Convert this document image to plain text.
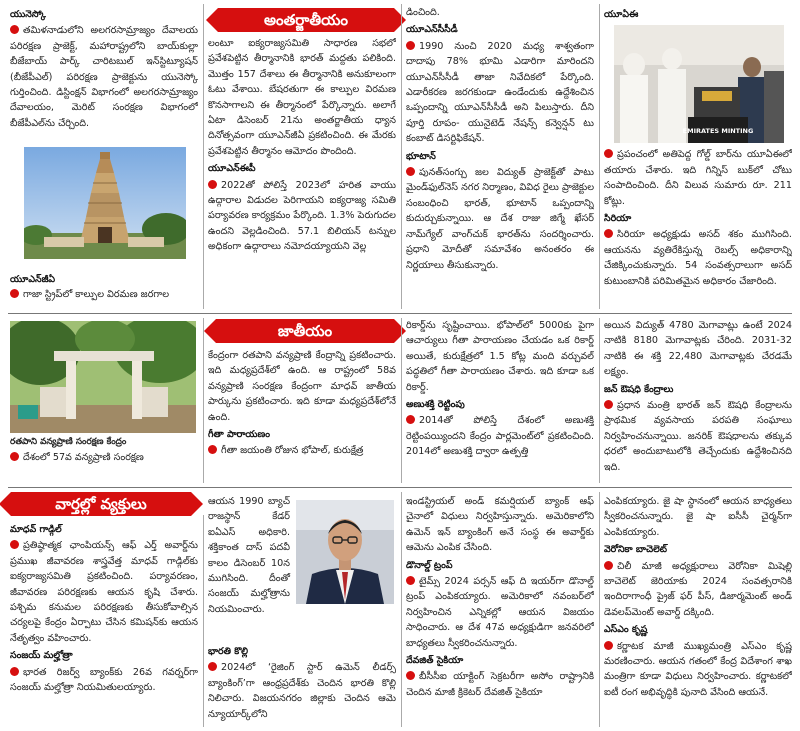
అంతర్జాతీయం
జాతీయం
వార్తల్లో వ్యక్తులు
యునెస్కో

తమిళనాడులోని అలగరసామ్రాజ్యం దేవాలయ పరిరక్షణ ప్రాజెక్ట్, మహారాష్ట్రలోని బాయ్‌కుల్లా బీజేబాయ్ పార్క్ చారిటబుల్ ఇన్‌స్టిట్యూషన్ (బీజేపీఎల్) పరిరక్షణ ప్రాజెక్టును యునెస్కో గుర్తించింది. డిస్టింక్షన్ విభాగంలో అలగరసామ్రాజ్యం దేవాలయం, మెరిట్ సంరక్షణ విభాగంలో బీజేపీఎల్‌ను చేర్చింది.

యూఎన్‌జీఏ

గాజా స్ట్రిప్‌లో కాల్పుల విరమణ జరగాల

లంటూ ఐక్యరాజ్యసమితి సాధారణ సభలో ప్రవేశపెట్టిన తీర్మానానికి భారత్ మద్దతు పలికింది. మొత్తం 157 దేశాలు ఈ తీర్మానానికి అనుకూలంగా ఓటు వేశాయి. బేషరతుగా ఈ కాల్పుల విరమణ కొనసాగాలని ఈ తీర్మానంలో పేర్కొన్నారు. అలాగే ఏటా డిసెంబర్ 21ను అంతర్జాతీయ ధ్యాన దినోత్సవంగా యూఎన్‌జీఏ ప్రకటించింది. ఈ మేరకు ప్రవేశపెట్టిన తీర్మానం ఆమోదం పొందింది.

యూఎన్‌ఈపీ

2022తో పోలిస్తే 2023లో హరిత వాయు ఉద్గారాల విడుదల పెరిగాయని ఐక్యరాజ్య సమితి పర్యావరణ కార్యక్రమం పేర్కొంది. 1.3% పెరుగుదల ఉందని వెల్లడించింది. 57.1 బిలియన్ టన్నుల అధికంగా ఉద్గారాలు నమోదయ్యాయని వెల్ల

డించింది.

యూఎన్‌సీసీడీ

1990 నుంచి 2020 మధ్య శాశ్వతంగా దాదాపు 78% భూమి ఎడారిగా మారిందని యూఎన్‌సీసీడీ తాజా నివేదికలో పేర్కొంది. ఎడారీకరణ జరగకుండా ఉండేందుకు ఉద్దేశించిన ఒప్పందాన్ని యూఎన్‌సీసీడీ అని పిలుస్తారు. దీని పూర్తి రూపం- యునైటెడ్ నేషన్స్ కన్వెన్షన్ టు కంబాట్ డిసర్టిఫికేషన్.

భూటాన్

పునత్‌సంగ్చు జల విద్యుత్ ప్రాజెక్ట్‌తో పాటు మైండ్‌ఫుల్‌నెస్ నగర నిర్మాణం, వివిధ రైలు ప్రాజెక్టుల సంబంధించి భారత్, భూటాన్ ఒప్పందాన్ని కుదుర్చుకున్నాయి. ఆ దేశ రాజు జిగ్మే ఖేసర్ నామ్‌గ్యేల్ వాంగ్‌చుక్ భారత్‌ను సందర్శించారు. ప్రధాని మోదీతో సమావేశం అనంతరం ఈ నిర్ణయాలు తీసుకున్నారు.

యూఏఈ
EMIRATES MINTING

ప్రపంచంలో అతిపెద్ద గోల్డ్ బార్‌ను యూఏఈలో తయారు చేశారు. ఇది గిన్నిస్ బుక్‌లో చోటు సంపాదించింది. దీని విలువ సుమారు రూ. 211 కోట్లు.

సిరియా

సిరియా అధ్యక్షుడు అసద్ శకం ముగిసింది. ఆయనను వ్యతిరేకిస్తున్న రెబల్స్ అధికారాన్ని చేజిక్కించుకున్నారు. 54 సంవత్సరాలుగా అసద్ కుటుంబానికి పరిమితమైన అధికారం చేజారింది.

రతపాని వన్యప్రాణి సంరక్షణ కేంద్రం

దేశంలో 57వ వన్యప్రాణి సంరక్షణ

కేంద్రంగా రతపాని వన్యప్రాణి కేంద్రాన్ని ప్రకటించారు. ఇది మధ్యప్రదేశ్‌లో ఉంది. ఆ రాష్ట్రంలో 58వ వన్యప్రాణి సంరక్షణ కేంద్రంగా మాధవ్ జాతీయ పార్కును ప్రకటించారు. ఇది కూడా మధ్యప్రదేశ్‌లోనే ఉంది.

గీతా పారాయణం

గీతా జయంతి రోజున భోపాల్, కురుక్షేత్ర

రికార్డ్‌ను సృష్టించాయి. భోపాల్‌లో 5000కు పైగా ఆచార్యులు గీతా పారాయణం చేయడం ఒక రికార్డ్ అయితే, కురుక్షేత్రలో 1.5 కోట్ల మంది వర్చువల్ పద్ధతిలో గీతా పారాయణం చేశారు. ఇది కూడా ఒక రికార్డ్.

అణుశక్తి రెట్టింపు

2014తో పోలిస్తే దేశంలో అణుశక్తి రెట్టింపయ్యిందని కేంద్రం పార్లమెంట్‌లో ప్రకటించింది. 2014లో అణుశక్తి ద్వారా ఉత్పత్తి

అయిన విద్యుత్ 4780 మెగావాట్లు ఉంటే 2024 నాటికి 8180 మెగావాట్లకు చేరింది. 2031-32 నాటికి ఈ శక్తి 22,480 మెగావాట్లకు చేరడమే లక్ష్యం.

జన్ ఔషధి కేంద్రాలు

ప్రధాన మంత్రి భారత్ జన్ ఔషధి కేంద్రాలను ప్రాథమిక వ్యవసాయ పరపతి సంఘాలు నిర్వహించనున్నాయి. జనరిక్ ఔషధాలను తక్కువ ధరలో అందుబాటులోకి తెచ్చేందుకు ఉద్దేశించినది ఇది.

మాధవ్ గాడ్గిల్

ప్రతిష్ఠాత్మక ఛాంపియన్స్ ఆఫ్ ఎర్త్ అవార్డ్‌ను ప్రముఖ జీవావరణ శాస్త్రవేత్త మాధవ్ గాడ్గిల్‌కు ఐక్యరాజ్యసమితి ప్రకటించింది. పర్యావరణం, జీవావరణ పరిరక్షణకు ఆయన కృషి చేశారు. పశ్చిమ కనుమల పరిరక్షణకు తీసుకోవాల్సిన చర్యలపై కేంద్రం ఏర్పాటు చేసిన కమిషన్‌కు ఆయన నేతృత్వం వహించారు.

సంజయ్ మల్హోత్రా

భారత రిజర్వ్ బ్యాంక్‌కు 26వ గవర్నర్‌గా సంజయ్ మల్హోత్రా నియమితులయ్యారు.

ఆయన 1990 బ్యాచ్ రాజస్థాన్ కేడర్ ఐఏఎస్ అధికారి. శక్తికాంత దాస్ పదవీ కాలం డిసెంబర్ 10న ముగిసింది. దీంతో సంజయ్ మల్హోత్రాను నియమించారు.

భారతి కొల్లి

2024లో ‘రైజింగ్ స్టార్ ఉమెన్ లీడర్స్ బ్యాంకింగ్’గా ఆంధ్రప్రదేశ్‌కు చెందిన భారతి కొల్లి నిలిచారు. విజయనగరం జిల్లాకు చెందిన ఆమె న్యూయార్క్‌లోని

ఇండస్ట్రియల్ అండ్ కమర్షియల్ బ్యాంక్ ఆఫ్ చైనాలో విధులు నిర్వహిస్తున్నారు. అమెరికాలోని ఉమెన్ ఇన్ బ్యాంకింగ్ అనే సంస్థ ఈ అవార్డ్‌కు ఆమెను ఎంపిక చేసింది.

డొనాల్డ్ ట్రంప్

టైమ్స్ 2024 పర్సన్ ఆఫ్ ది ఇయర్‌గా డొనాల్డ్ ట్రంప్ ఎంపికయ్యారు. అమెరికాలో నవంబర్‌లో నిర్వహించిన ఎన్నికల్లో ఆయన విజయం సాధించారు. ఆ దేశ 47వ అధ్యక్షుడిగా జనవరిలో బాధ్యతలు స్వీకరించనున్నారు.

దేవజిత్ సైకియా

బీసీసీఐ యాక్టింగ్ సెక్రటరీగా అసోం రాష్ట్రానికి చెందిన మాజీ క్రికెటర్ దేవజిత్ సైకియా

ఎంపికయ్యారు. జై షా స్థానంలో ఆయన బాధ్యతలు స్వీకరించనున్నారు. జై షా ఐసీసీ చైర్మన్‌గా ఎంపికయ్యారు.

వెరోనికా బాచెలెట్

చిలీ మాజీ అధ్యక్షురాలు వెరోనికా మిషెల్లి బాచెలెట్ జెరియాకు 2024 సంవత్సరానికి ఇందిరాగాంధీ ప్రైజ్ ఫర్ పీస్, డిజార్మమెంట్ అండ్ డెవలప్‌మెంట్ అవార్డ్ దక్కింది.

ఎస్ఎం కృష్ణ

కర్ణాటక మాజీ ముఖ్యమంత్రి ఎస్ఎం కృష్ణ మరణించారు. ఆయన గతంలో కేంద్ర విదేశాంగ శాఖ మంత్రిగా కూడా విధులు నిర్వహించారు. కర్ణాటకలో ఐటీ రంగ అభివృద్ధికి పునాది వేసింది ఆయనే.
